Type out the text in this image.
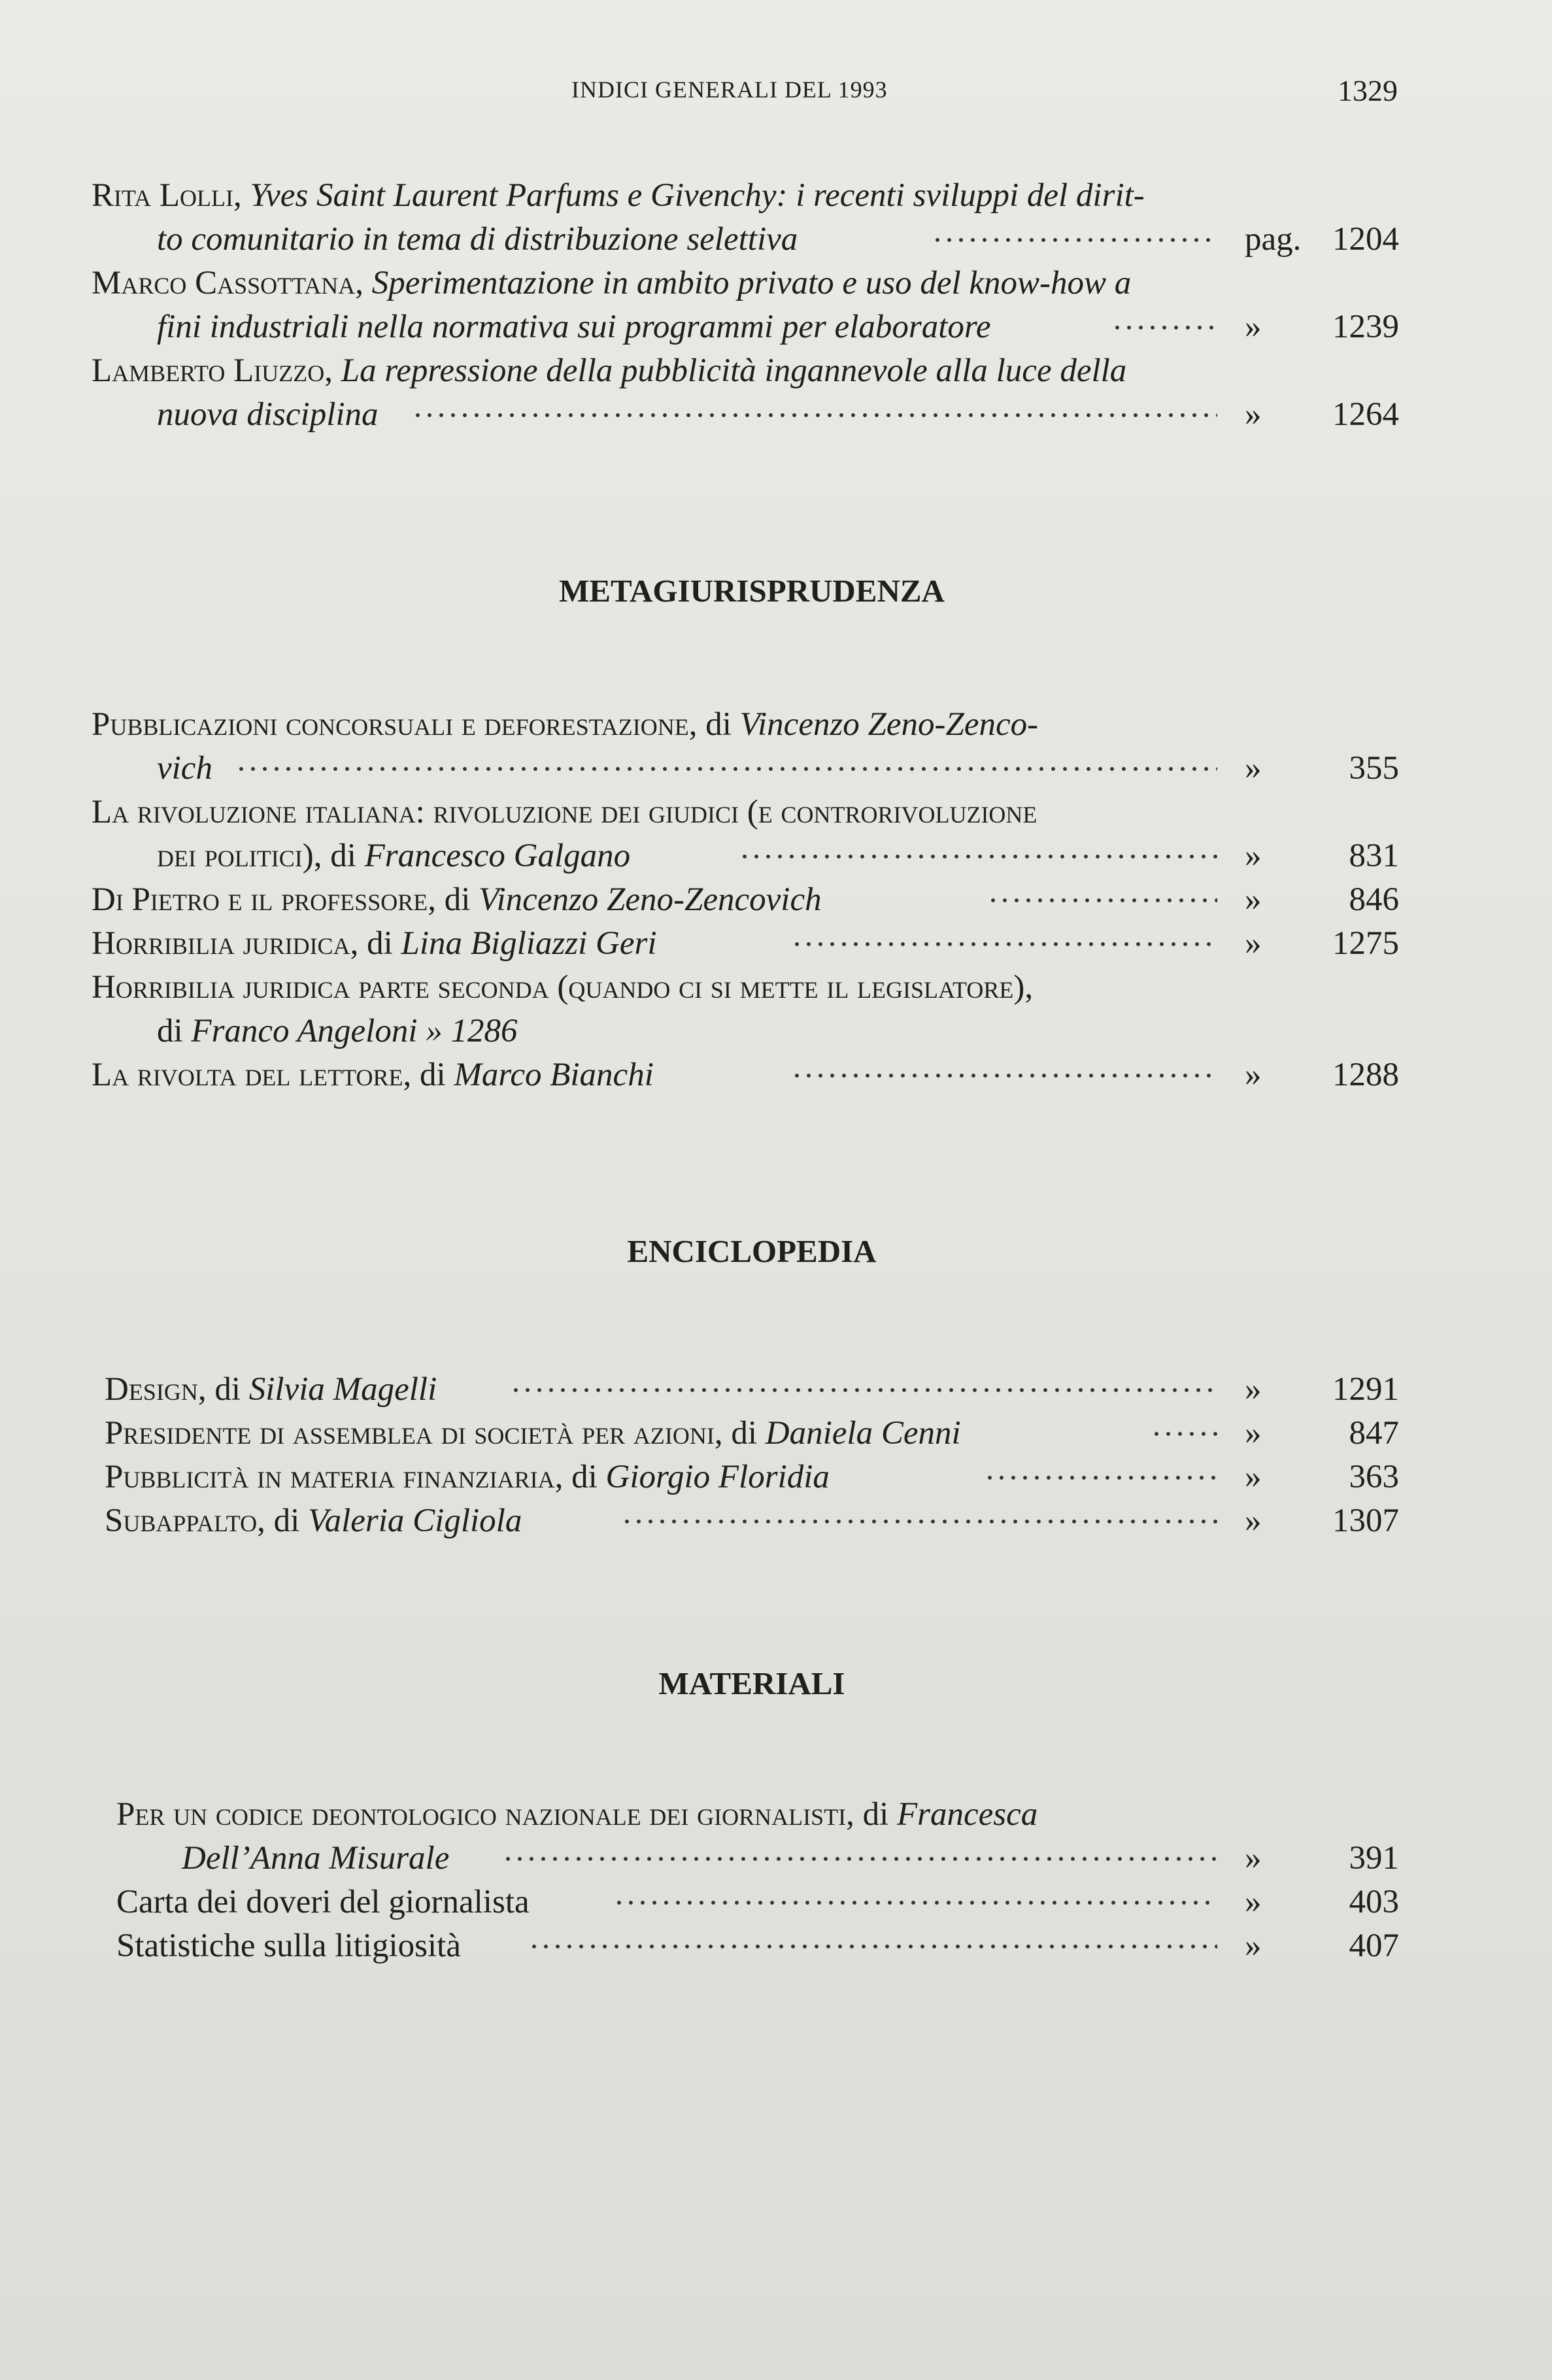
INDICI GENERALI DEL 1993	1329
Rita Lolli, Yves Saint Laurent Parfums e Givenchy: i recenti sviluppi del dirit-
to comunitario in tema di distribuzione selettiva	pag. 1204
Marco Cassottana, Sperimentazione in ambito privato e uso del know-how a
fini industriali nella normativa sui programmi per elaboratore	»	1239
Lamberto Liuzzo, La repressione della pubblicità ingannevole alla luce della
nuova disciplina	»	1264
METAGIURISPRUDENZA
Pubblicazioni concorsuali e deforestazione, di Vincenzo Zeno-Zenco-
vich	»	355
La rivoluzione italiana: rivoluzione dei giudici (e controrivoluzione
dei politici), di Francesco Galgano	»	831
Di Pietro e il professore, di Vincenzo Zeno-Zencovich	»	846
Horribilia juridica, di Lina Bigliazzi Geri	»	1275
Horribilia juridica parte seconda (quando ci si mette il legislatore),
di Franco Angeloni » 1286
La rivolta del lettore, di Marco Bianchi	»	1288
ENCICLOPEDIA
Design, di Silvia Magelli	»	1291
Presidente di assemblea di società per azioni, di Daniela Cenni	»	847
Pubblicità in materia finanziaria, di Giorgio Floridia	»	363
Subappalto, di Valeria Cigliola	»	1307
MATERIALI
Per un codice deontologico nazionale dei giornalisti, di Francesca
Dell’Anna Misurale	»	391
Carta dei doveri del giornalista	»	403
Statistiche sulla litigiosità	»	407
